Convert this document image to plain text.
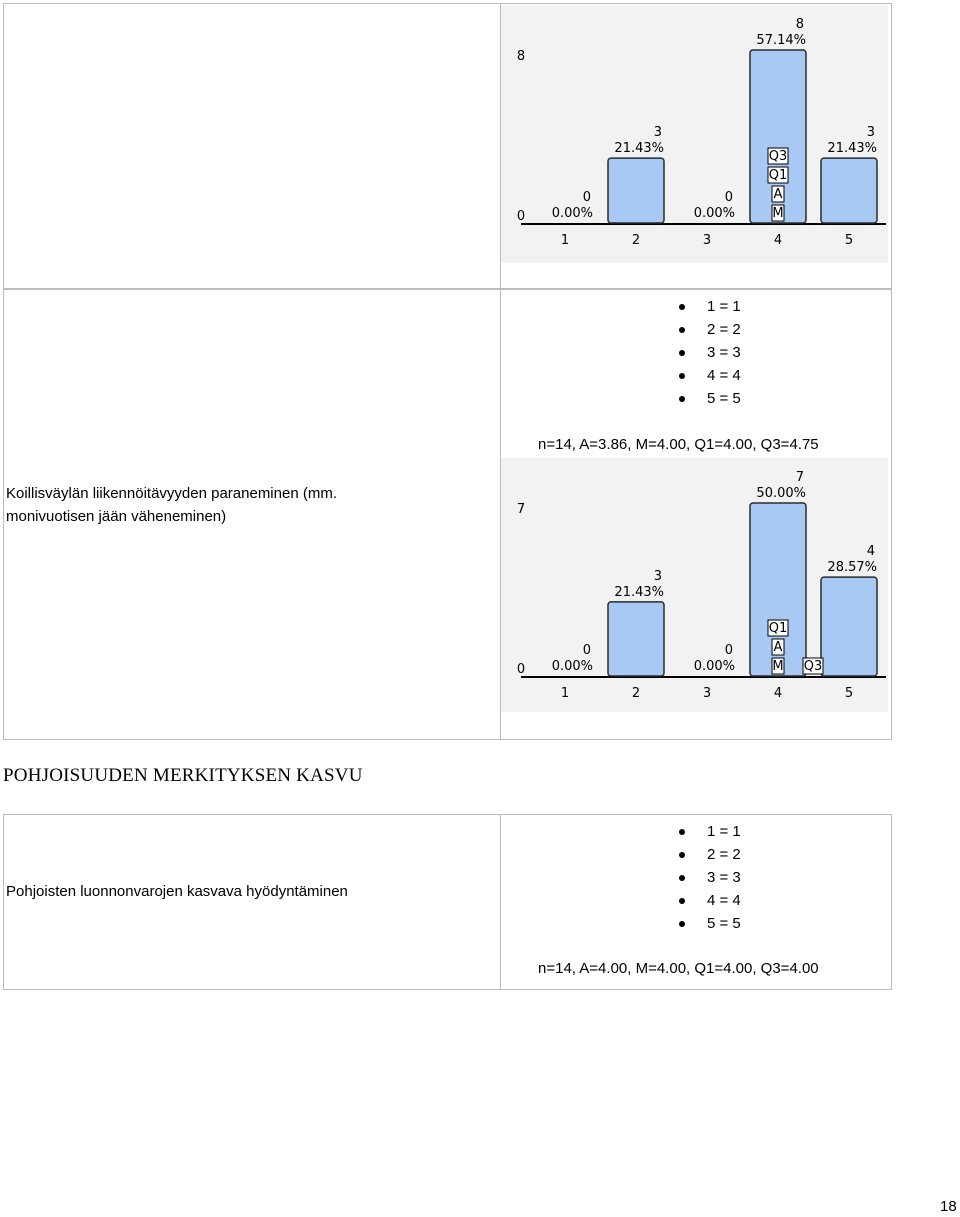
0
8
0
0.00%
1
3
21.43%
2
0
0.00%
3
8
57.14%
4
3
21.43%
5
Q3
Q1
A
M
Koillisväylän liikennöitävyyden paraneminen (mm. monivuotisen jään väheneminen)
1 = 1
2 = 2
3 = 3
4 = 4
5 = 5
n=14, A=3.86, M=4.00, Q1=4.00, Q3=4.75
0
7
0
0.00%
1
3
21.43%
2
0
0.00%
3
7
50.00%
4
4
28.57%
5
Q1
A
M Q3
POHJOISUUDEN MERKITYKSEN KASVU
Pohjoisten luonnonvarojen kasvava hyödyntäminen
1 = 1
2 = 2
3 = 3
4 = 4
5 = 5
n=14, A=4.00, M=4.00, Q1=4.00, Q3=4.00
18
